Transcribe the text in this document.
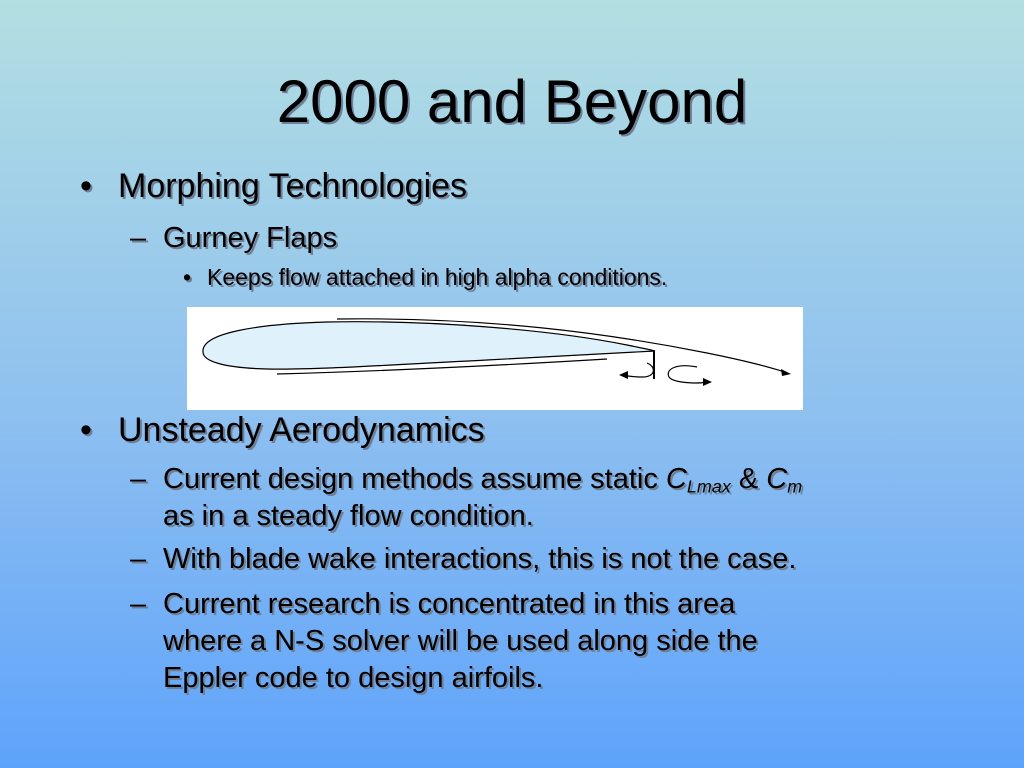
2000 and Beyond
• Morphing Technologies
– Gurney Flaps
• Keeps flow attached in high alpha conditions.
• Unsteady Aerodynamics
– Current design methods assume static $C_{Lmax}$ & $C_m$
as in a steady flow condition.
– With blade wake interactions, this is not the case.
– Current research is concentrated in this area
where a N-S solver will be used along side the
Eppler code to design airfoils.
